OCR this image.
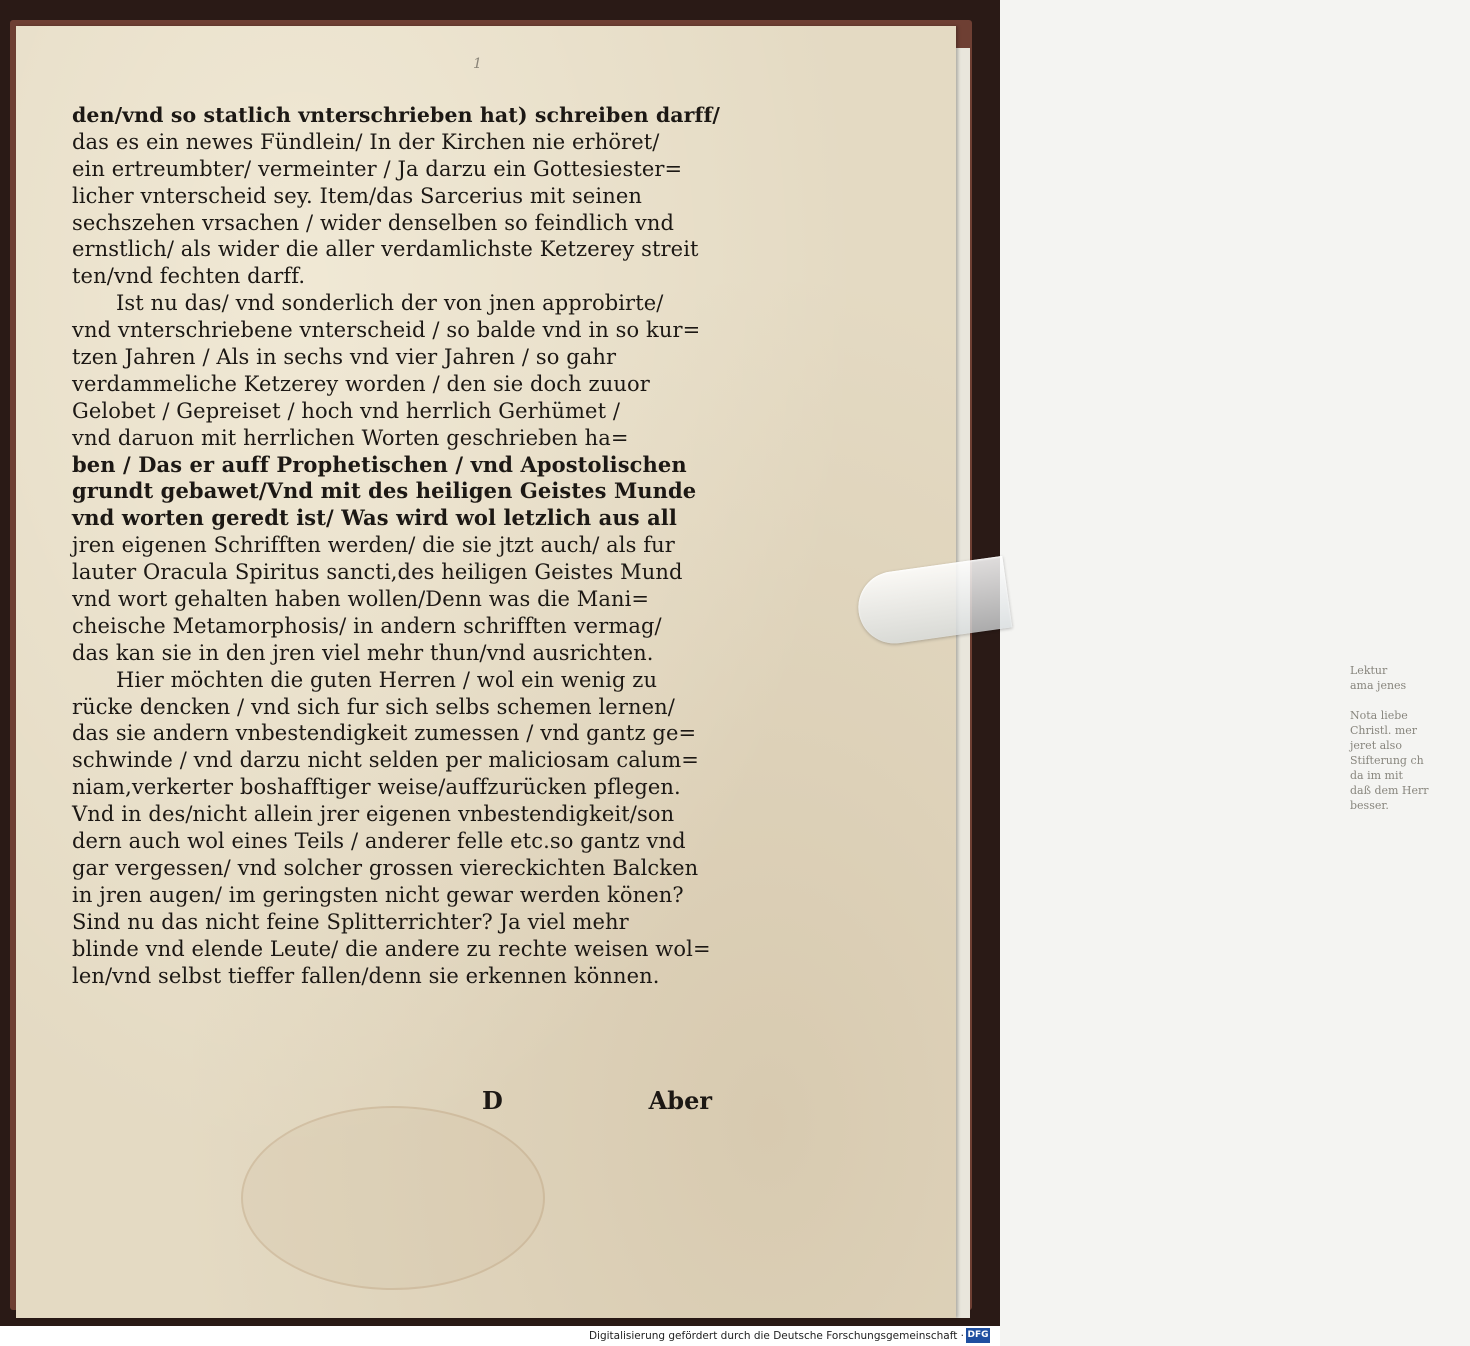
Lektur
ama jenes

Nota liebe
Christl. mer
jeret also
Stifterung ch
da im mit
daß dem Herr
besser.
1
den/vnd so statlich vnterschrieben hat) schreiben darff/
das es ein newes Fündlein/ In der Kirchen nie erhöret/
ein ertreumbter/ vermeinter / Ja darzu ein Gottesiester=
licher vnterscheid sey. Item/das Sarcerius mit seinen
sechszehen vrsachen / wider denselben so feindlich vnd
ernstlich/ als wider die aller verdamlichste Ketzerey streit
ten/vnd fechten darff.
Ist nu das/ vnd sonderlich der von jnen approbirte/
vnd vnterschriebene vnterscheid / so balde vnd in so kur=
tzen Jahren / Als in sechs vnd vier Jahren / so gahr
verdammeliche Ketzerey worden / den sie doch zuuor
Gelobet / Gepreiset / hoch vnd herrlich Gerhümet /
vnd daruon mit herrlichen Worten geschrieben ha=
ben / Das er auff Prophetischen / vnd Apostolischen
grundt gebawet/Vnd mit des heiligen Geistes Munde
vnd worten geredt ist/ Was wird wol letzlich aus all
jren eigenen Schrifften werden/ die sie jtzt auch/ als fur
lauter Oracula Spiritus sancti,des heiligen Geistes Mund
vnd wort gehalten haben wollen/Denn was die Mani=
cheische Metamorphosis/ in andern schrifften vermag/
das kan sie in den jren viel mehr thun/vnd ausrichten.
Hier möchten die guten Herren / wol ein wenig zu
rücke dencken / vnd sich fur sich selbs schemen lernen/
das sie andern vnbestendigkeit zumessen / vnd gantz ge=
schwinde / vnd darzu nicht selden per maliciosam calum=
niam,verkerter boshafftiger weise/auffzurücken pflegen.
Vnd in des/nicht allein jrer eigenen vnbestendigkeit/son
dern auch wol eines Teils / anderer felle etc.so gantz vnd
gar vergessen/ vnd solcher grossen viereckichten Balcken
in jren augen/ im geringsten nicht gewar werden könen?
Sind nu das nicht feine Splitterrichter? Ja viel mehr
blinde vnd elende Leute/ die andere zu rechte weisen wol=
len/vnd selbst tieffer fallen/denn sie erkennen können.
D	Aber
Digitalisierung gefördert durch die Deutsche Forschungsgemeinschaft · DFG
